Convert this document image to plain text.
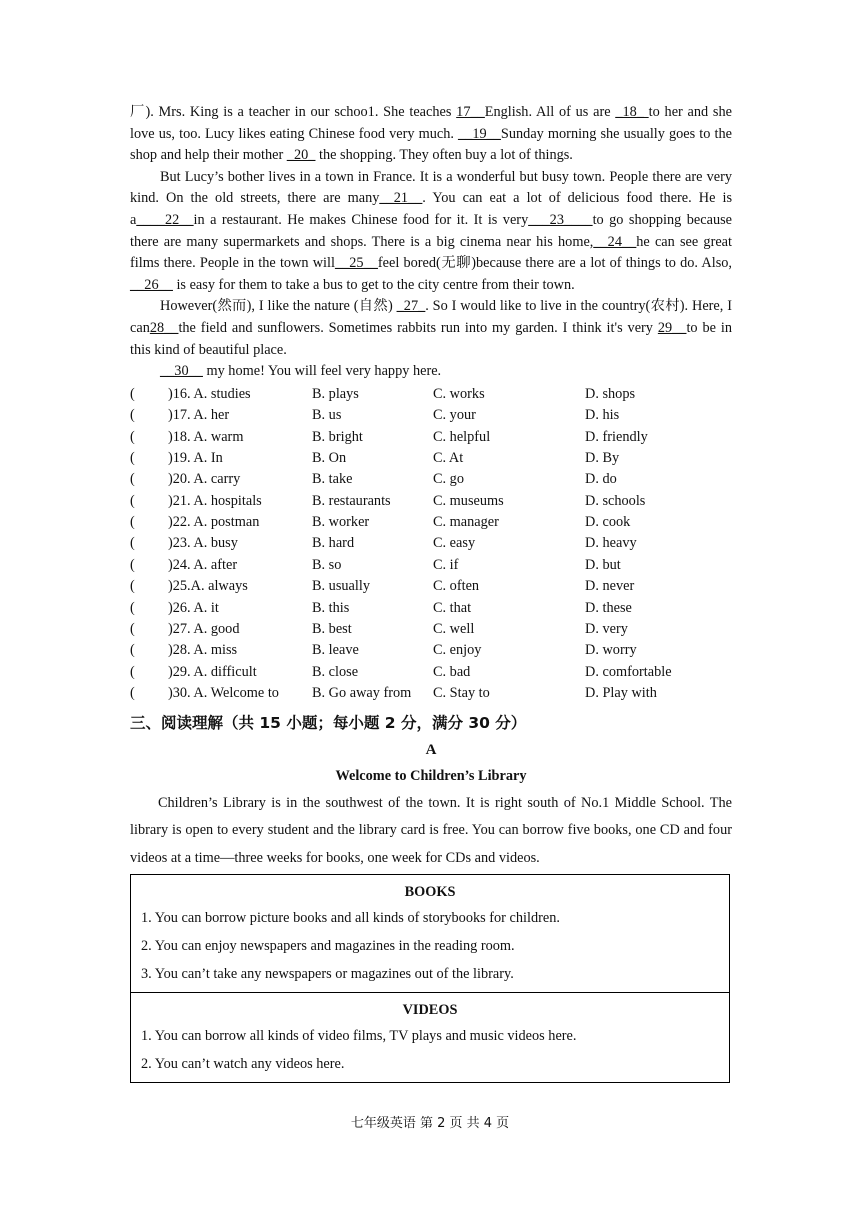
厂). Mrs. King is a teacher in our schoo1. She teaches 17__English. All of us are _18_ to her and she love us, too. Lucy likes eating Chinese food very much. __19__Sunday morning she usually goes to the shop and help their mother _20_ the shopping. They often buy a lot of things.

But Lucy’s bother lives in a town in France. It is a wonderful but busy town. People there are very kind. On the old streets, there are many__21__. You can eat a lot of delicious food there. He is a____22__in a restaurant. He makes Chinese food for it. It is very___23____to go shopping because there are many supermarkets and shops. There is a big cinema near his home,__24__he can see great films there. People in the town will__25__feel bored(无聊)because there are a lot of things to do. Also, __26__ is easy for them to take a bus to get to the city centre from their town.

However(然而), I like the nature (自然) _27_. So I would like to live in the country(农村). Here, I can28__the field and sunflowers. Sometimes rabbits run into my garden. I think it's very 29__to be in this kind of beautiful place.

__30__ my home! You will feel very happy here.

( )16. A. studies	B. plays	C. works	D. shops
( )17. A. her	B. us	C. your	D. his
( )18. A. warm	B. bright	C. helpful	D. friendly
( )19. A. In	B. On	C. At	D. By
( )20. A. carry	B. take	C. go	D. do
( )21. A. hospitals	B. restaurants	C. museums	D. schools
( )22. A. postman	B. worker	C. manager	D. cook
( )23. A. busy	B. hard	C. easy	D. heavy
( )24. A. after	B. so	C. if	D. but
( )25.A. always	B. usually	C. often	D. never
( )26. A. it	B. this	C. that	D. these
( )27. A. good	B. best	C. well	D. very
( )28. A. miss	B. leave	C. enjoy	D. worry
( )29. A. difficult	B. close	C. bad	D. comfortable
( )30. A. Welcome to B. Go away from C. Stay to	D. Play with
三、阅读理解（共 15 小题；每小题 2 分，满分 30 分）
A
Welcome to Children’s Library

Children’s Library is in the southwest of the town. It is right south of No.1 Middle School. The library is open to every student and the library card is free. You can borrow five books, one CD and four videos at a time—three weeks for books, one week for CDs and videos.

BOOKS
1. You can borrow picture books and all kinds of storybooks for children.
2. You can enjoy newspapers and magazines in the reading room.
3. You can’t take any newspapers or magazines out of the library.
VIDEOS
1. You can borrow all kinds of video films, TV plays and music videos here.
2. You can’t watch any videos here.
七年级英语 第 2 页 共 4 页
